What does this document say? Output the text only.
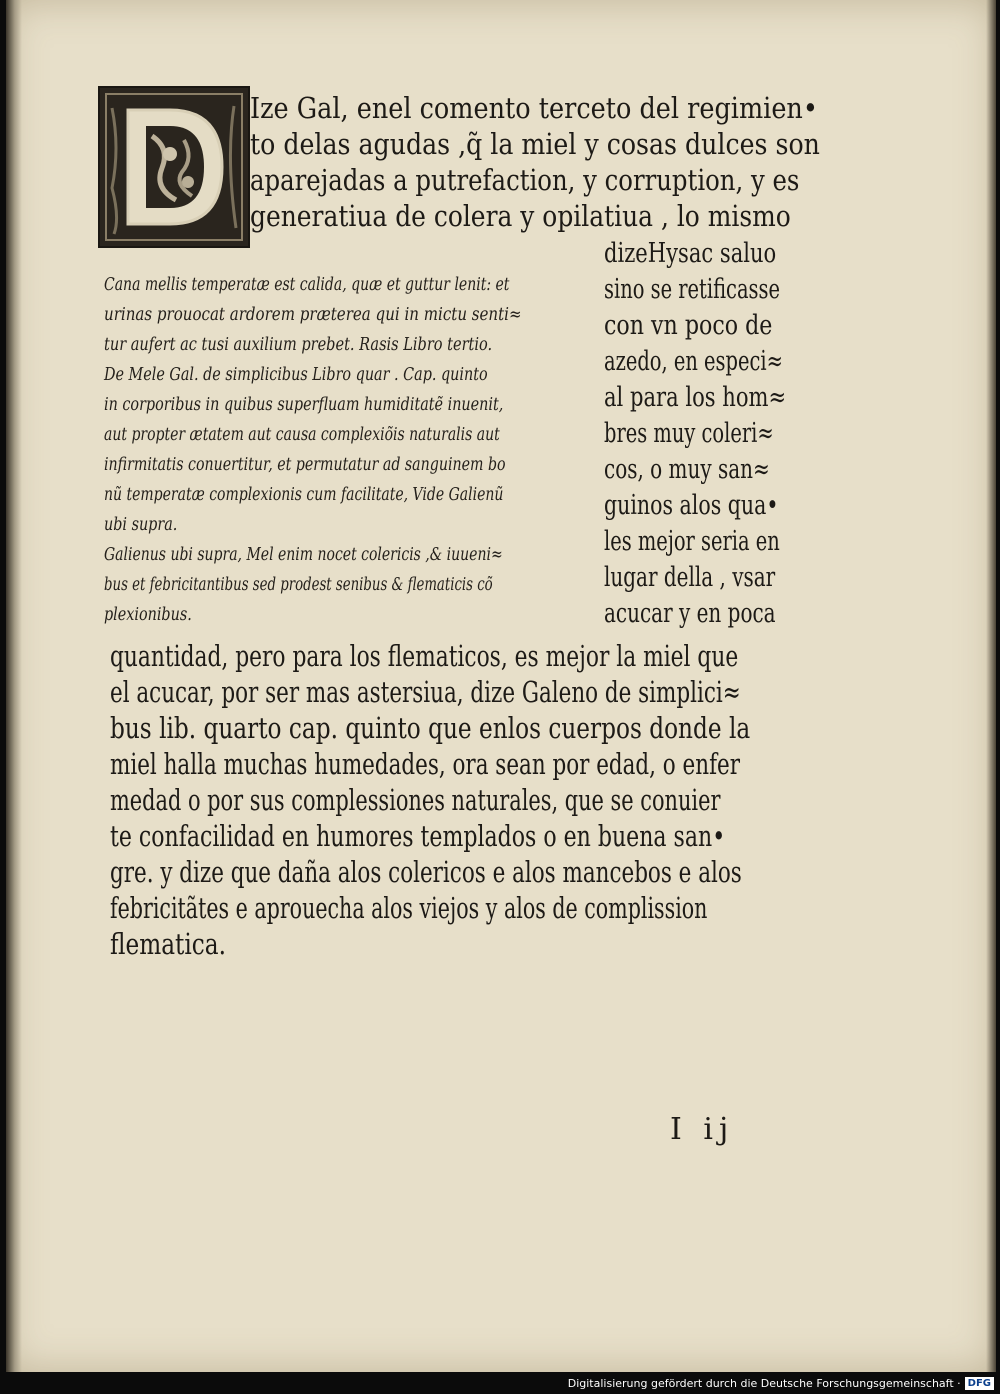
Ize Gal, enel comento terceto del regimien•
to delas agudas ,q̃ la miel y cosas dulces son
aparejadas a putrefaction, y corruption, y es
generatiua de colera y opilatiua , lo mismo
dizeHysac saluo
sino se retificasse
con vn poco de
azedo, en especi≈
al para los hom≈
bres muy coleri≈
cos, o muy san≈
guinos alos qua•
les mejor seria en
lugar della , vsar
acucar y en poca
Cana mellis temperatæ est calida, quæ et guttur lenit: et
urinas prouocat ardorem præterea qui in mictu senti≈
tur aufert ac tusi auxilium prebet. Rasis Libro tertio.
De Mele Gal. de simplicibus Libro quar . Cap. quinto
in corporibus in quibus superfluam humiditatẽ inuenit,
aut propter ætatem aut causa complexiõis naturalis aut
infirmitatis conuertitur, et permutatur ad sanguinem bo
nũ temperatæ complexionis cum facilitate, Vide Galienũ
ubi supra.
Galienus ubi supra, Mel enim nocet colericis ,& iuueni≈
bus et febricitantibus sed prodest senibus & flematicis cõ
plexionibus.
quantidad, pero para los flematicos, es mejor la miel que
el acucar, por ser mas astersiua, dize Galeno de simplici≈
bus lib. quarto cap. quinto que enlos cuerpos donde la
miel halla muchas humedades, ora sean por edad, o enfer
medad o por sus complessiones naturales, que se conuier
te confacilidad en humores templados o en buena san•
gre. y dize que daña alos colericos e alos mancebos e alos
febricitãtes e aprouecha alos viejos y alos de complission
flematica.
I ij
Digitalisierung gefördert durch die Deutsche Forschungsgemeinschaft · DFG
